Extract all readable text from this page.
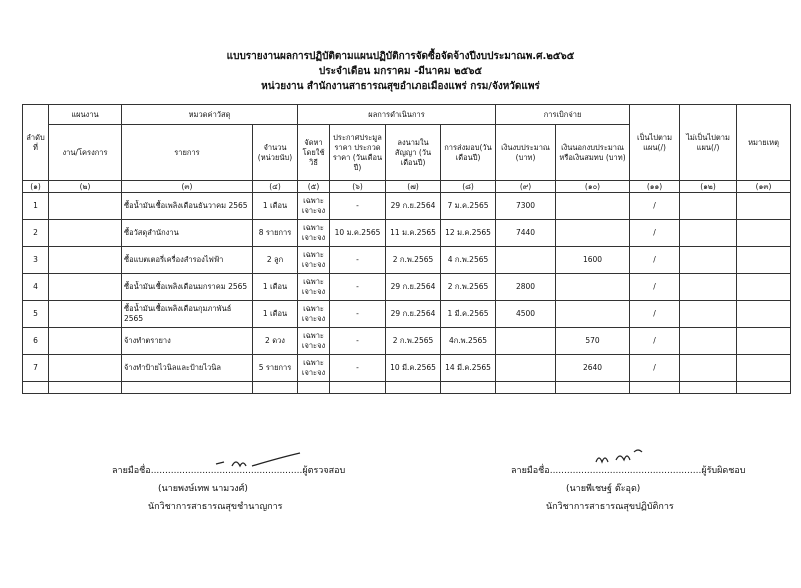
แบบรายงานผลการปฏิบัติตามแผนปฏิบัติการจัดซื้อจัดจ้างปีงบประมาณพ.ศ.๒๕๖๕
ประจำเดือน มกราคม -มีนาคม ๒๕๖๕
หน่วยงาน สำนักงานสาธารณสุขอำเภอเมืองแพร่ กรม/จังหวัดแพร่
ลำดับที่	แผนงาน	หมวดค่าวัสดุ		ผลการดำเนินการ				การเบิกจ่าย		เป็นไปตามแผน(/)	ไม่เป็นไปตามแผน(/)	หมายเหตุ
	งาน/โครงการ	รายการ	จำนวน (หน่วยนับ)	จัดหาโดยใช้วิธี	ประกาศประมูลราคา ประกวดราคา (วันเดือนปี)	ลงนามในสัญญา (วันเดือนปี)	การส่งมอบ(วันเดือนปี)	เงินงบประมาณ (บาท)	เงินนอกงบประมาณ หรือเงินสมทบ (บาท)			
(๑)	(๒)	(๓)	(๔)	(๕)	(๖)	(๗)	(๘)	(๙)	(๑๐)	(๑๑)	(๑๒)	(๑๓)
1		ซื้อน้ำมันเชื้อเพลิงเดือนธันวาคม 2565	1 เดือน	เฉพาะเจาะจง	-	29 ก.ย.2564	7 ม.ค.2565	7300		/		
2		ซื้อวัสดุสำนักงาน	8 รายการ	เฉพาะเจาะจง	10 ม.ค.2565	11 ม.ค.2565	12 ม.ค.2565	7440		/		
3		ซื้อแบตเตอรี่เครื่องสำรองไฟฟ้า	2 ลูก	เฉพาะเจาะจง	-	2 ก.พ.2565	4 ก.พ.2565		1600	/		
4		ซื้อน้ำมันเชื้อเพลิงเดือนมกราคม 2565	1 เดือน	เฉพาะเจาะจง	-	29 ก.ย.2564	2 ก.พ.2565	2800		/		
5		ซื้อน้ำมันเชื้อเพลิงเดือนกุมภาพันธ์ 2565	1 เดือน	เฉพาะเจาะจง	-	29 ก.ย.2564	1 มี.ค.2565	4500		/		
6		จ้างทำตรายาง	2 ดวง	เฉพาะเจาะจง	-	2 ก.พ.2565	4ก.พ.2565		570	/		
7		จ้างทำป้ายไวนิลและป้ายไวนิล	5 รายการ	เฉพาะเจาะจง	-	10 มี.ค.2565	14 มี.ค.2565		2640	/		

ลายมือชื่อ.....................................................ผู้ตรวจสอบ
(นายพงษ์เทพ นามวงศ์)
นักวิชาการสาธารณสุขชำนาญการ
ลายมือชื่อ.....................................................ผู้รับผิดชอบ
(นายพีเชษฐ์ ต๊ะอุด)
นักวิชาการสาธารณสุขปฏิบัติการ
